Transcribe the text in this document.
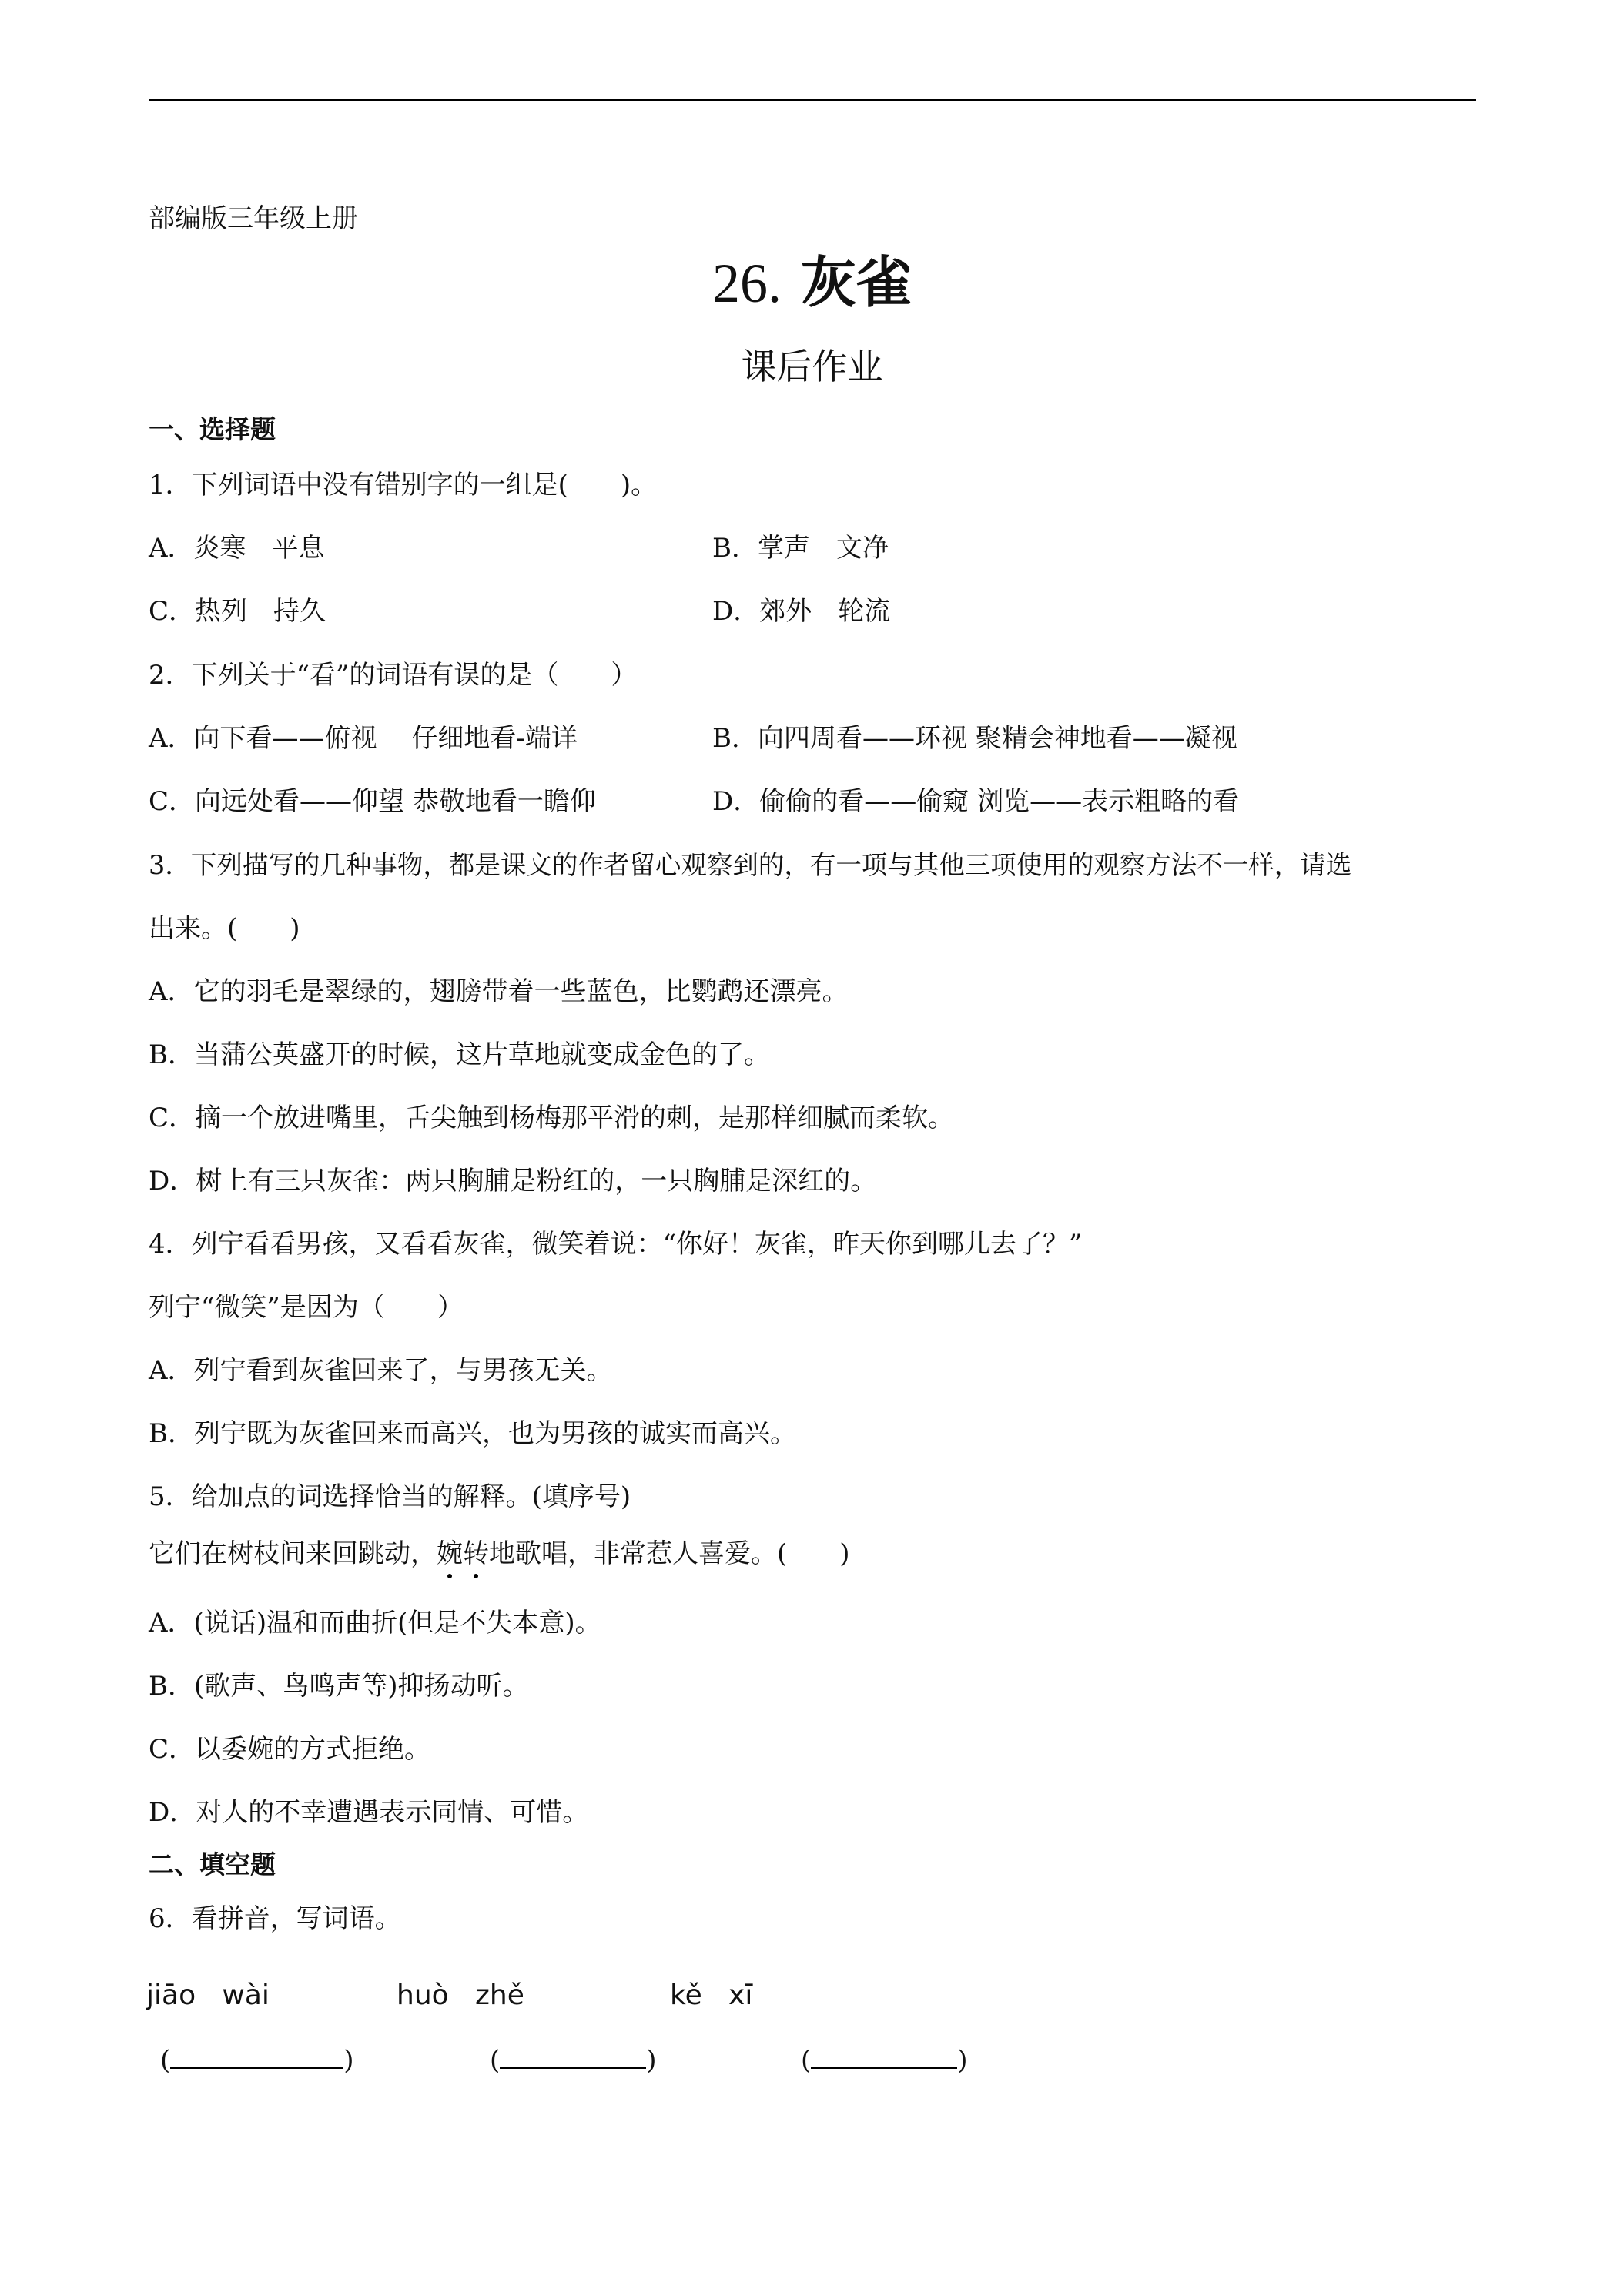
部编版三年级上册
26. 灰雀
课后作业
一、选择题
1．下列词语中没有错别字的一组是(　　)。
A．炎寒　平息	B．掌声　文净
C．热列　持久	D．郊外　轮流
2．下列关于“看”的词语有误的是（　　）
A．向下看——俯视　 仔细地看-端详	B．向四周看——环视 聚精会神地看——凝视
C．向远处看——仰望 恭敬地看一瞻仰	D．偷偷的看——偷窥 浏览——表示粗略的看
3．下列描写的几种事物，都是课文的作者留心观察到的，有一项与其他三项使用的观察方法不一样，请选
出来。(　　)
A．它的羽毛是翠绿的，翅膀带着一些蓝色，比鹦鹉还漂亮。
B．当蒲公英盛开的时候，这片草地就变成金色的了。
C．摘一个放进嘴里，舌尖触到杨梅那平滑的刺，是那样细腻而柔软。
D．树上有三只灰雀：两只胸脯是粉红的，一只胸脯是深红的。
4．列宁看看男孩，又看看灰雀，微笑着说：“你好！灰雀，昨天你到哪儿去了？”
列宁“微笑”是因为（　　）
A．列宁看到灰雀回来了，与男孩无关。
B．列宁既为灰雀回来而高兴，也为男孩的诚实而高兴。
5．给加点的词选择恰当的解释。(填序号)
它们在树枝间来回跳动，婉转地歌唱，非常惹人喜爱。(　　)
A．(说话)温和而曲折(但是不失本意)。
B．(歌声、鸟鸣声等)抑扬动听。
C．以委婉的方式拒绝。
D．对人的不幸遭遇表示同情、可惜。
二、填空题
6．看拼音，写词语。
jiāo   wài	huò   zhě	kě   xī
(	)	(	)	(	)
